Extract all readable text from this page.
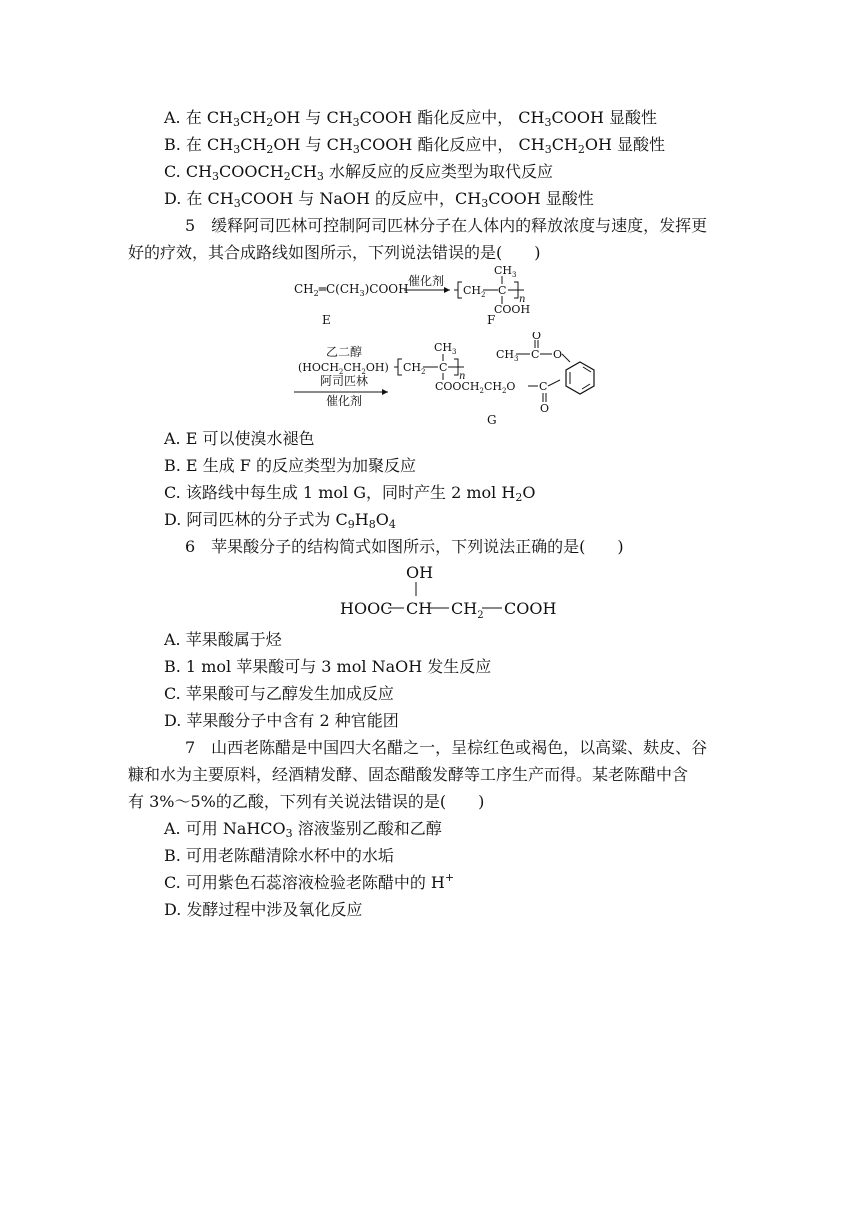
A. 在 $CH_3CH_2OH$ 与 $CH_3COOH$ 酯化反应中， $CH_3COOH$ 显酸性
B. 在 $CH_3CH_2OH$ 与 $CH_3COOH$ 酯化反应中， $CH_3CH_2OH$ 显酸性
C. $CH_3COOCH_2CH_3$ 水解反应的反应类型为取代反应
D. 在 $CH_3COOH$ 与 NaOH 的反应中，$CH_3COOH$ 显酸性
5　缓释阿司匹林可控制阿司匹林分子在人体内的释放浓度与速度，发挥更
好的疗效，其合成路线如图所示，下列说法错误的是(　　)
$CH_2═C(CH_3)COOH$
催化剂
$CH_2$ C
$CH_3$
COOH
n
E	F
乙二醇
$(HOCH_2CH_2OH)$
阿司匹林
催化剂
$CH_2$ C
$CH_3$
n
$COOCH_2CH_2O$ C
O
$CH_3$ C
O
O
G
A. E 可以使溴水褪色
B. E 生成 F 的反应类型为加聚反应
C. 该路线中每生成 1 mol G，同时产生 2 mol $H_2O$
D. 阿司匹林的分子式为 $C_9H_8O_4$
6　苹果酸分子的结构简式如图所示，下列说法正确的是(　　)
OH
HOOC CH $CH_2$ COOH
A. 苹果酸属于烃
B. 1 mol 苹果酸可与 3 mol NaOH 发生反应
C. 苹果酸可与乙醇发生加成反应
D. 苹果酸分子中含有 2 种官能团
7　山西老陈醋是中国四大名醋之一，呈棕红色或褐色，以高粱、麸皮、谷
糠和水为主要原料，经酒精发酵、固态醋酸发酵等工序生产而得。某老陈醋中含
有 3%～5%的乙酸，下列有关说法错误的是(　　)
A. 可用 NaHCO$_3$ 溶液鉴别乙酸和乙醇
B. 可用老陈醋清除水杯中的水垢
C. 可用紫色石蕊溶液检验老陈醋中的 H+
D. 发酵过程中涉及氧化反应
